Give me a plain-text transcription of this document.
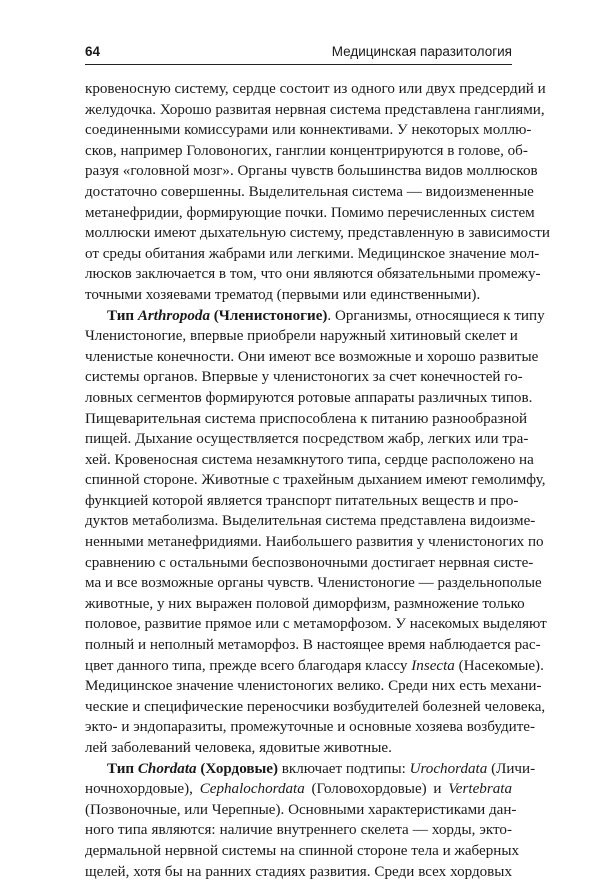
64	Медицинская паразитология
кровеносную систему, сердце состоит из одного или двух предсердий и
желудочка. Хорошо развитая нервная система представлена ганглиями,
соединенными комиссурами или коннективами. У некоторых моллю-
сков, например Головоногих, ганглии концентрируются в голове, об-
разуя «головной мозг». Органы чувств большинства видов моллюсков
достаточно совершенны. Выделительная система — видоизмененные
метанефридии, формирующие почки. Помимо перечисленных систем
моллюски имеют дыхательную систему, представленную в зависимости
от среды обитания жабрами или легкими. Медицинское значение мол-
люсков заключается в том, что они являются обязательными промежу-
точными хозяевами трематод (первыми или единственными).
Тип Arthropoda (Членистоногие). Организмы, относящиеся к типу
Членистоногие, впервые приобрели наружный хитиновый скелет и
членистые конечности. Они имеют все возможные и хорошо развитые
системы органов. Впервые у членистоногих за счет конечностей го-
ловных сегментов формируются ротовые аппараты различных типов.
Пищеварительная система приспособлена к питанию разнообразной
пищей. Дыхание осуществляется посредством жабр, легких или тра-
хей. Кровеносная система незамкнутого типа, сердце расположено на
спинной стороне. Животные с трахейным дыханием имеют гемолимфу,
функцией которой является транспорт питательных веществ и про-
дуктов метаболизма. Выделительная система представлена видоизме-
ненными метанефридиями. Наибольшего развития у членистоногих по
сравнению с остальными беспозвоночными достигает нервная систе-
ма и все возможные органы чувств. Членистоногие — раздельнополые
животные, у них выражен половой диморфизм, размножение только
половое, развитие прямое или с метаморфозом. У насекомых выделяют
полный и неполный метаморфоз. В настоящее время наблюдается рас-
цвет данного типа, прежде всего благодаря классу Insecta (Насекомые).
Медицинское значение членистоногих велико. Среди них есть механи-
ческие и специфические переносчики возбудителей болезней человека,
экто- и эндопаразиты, промежуточные и основные хозяева возбудите-
лей заболеваний человека, ядовитые животные.
Тип Chordata (Хордовые) включает подтипы: Urochordata (Личи-
ночнохордовые), Cephalochordata (Головохордовые) и Vertebrata
(Позвоночные, или Черепные). Основными характеристиками дан-
ного типа являются: наличие внутреннего скелета — хорды, экто-
дермальной нервной системы на спинной стороне тела и жаберных
щелей, хотя бы на ранних стадиях развития. Среди всех хордовых
